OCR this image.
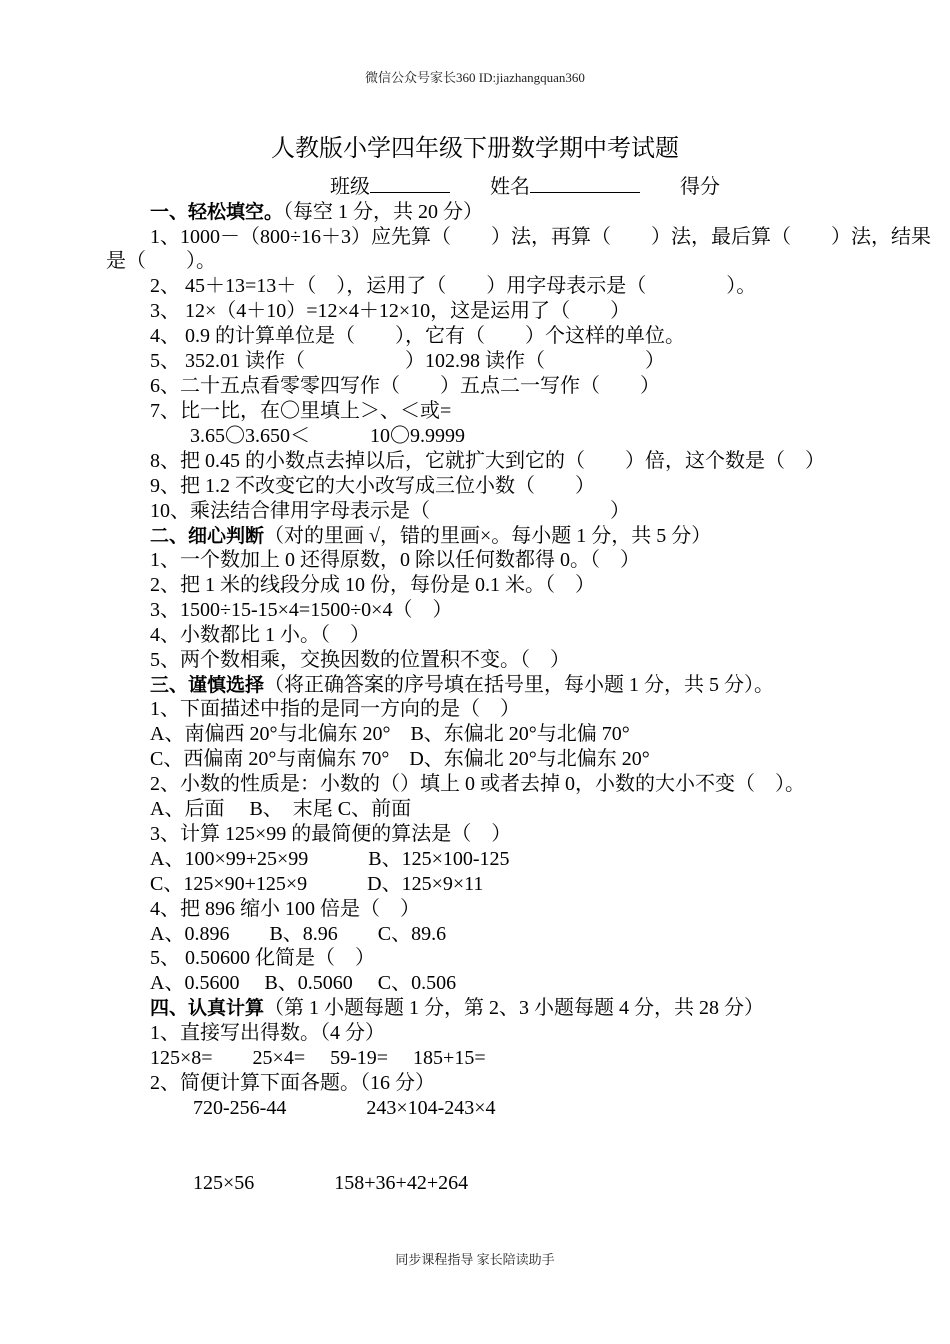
微信公众号家长360 ID:jiazhangquan360
人教版小学四年级下册数学期中考试题
班级　　	姓名　　	得分
一、轻松填空。（每空 1 分，共 20 分）
1、1000－（800÷16＋3）应先算（　　）法，再算（　　）法，最后算（　　）法，结果
是（　　）。
2、 45＋13=13＋（　），运用了（　　）用字母表示是（　　　　）。
3、 12×（4＋10）=12×4＋12×10，这是运用了（　　）
4、 0.9 的计算单位是（　　），它有（　　）个这样的单位。
5、 352.01 读作（　　　　　）102.98 读作（　　　　　）
6、二十五点看零零四写作（　　）五点二一写作（　　）
7、比一比，在〇里填上＞、＜或=
3.65〇3.650＜　　　10〇9.9999
8、把 0.45 的小数点去掉以后，它就扩大到它的（　　）倍，这个数是（　）
9、把 1.2 不改变它的大小改写成三位小数（　　）
10、乘法结合律用字母表示是（　　　　　　　　　）
二、细心判断（对的里画 √，错的里画×。每小题 1 分，共 5 分）
1、一个数加上 0 还得原数，0 除以任何数都得 0。（　）
2、把 1 米的线段分成 10 份，每份是 0.1 米。（　）
3、1500÷15-15×4=1500÷0×4（　）
4、小数都比 1 小。（　）
5、两个数相乘，交换因数的位置积不变。（　）
三、谨慎选择（将正确答案的序号填在括号里，每小题 1 分，共 5 分）。
1、下面描述中指的是同一方向的是（　）
A、南偏西 20°与北偏东 20°　B、东偏北 20°与北偏 70°
C、西偏南 20°与南偏东 70°　D、东偏北 20°与北偏东 20°
2、小数的性质是：小数的（）填上 0 或者去掉 0，小数的大小不变（　）。
A、后面　 B、　末尾 C、前面
3、计算 125×99 的最简便的算法是（　）
A、100×99+25×99　　　B、125×100-125
C、125×90+125×9　　　D、125×9×11
4、把 896 缩小 100 倍是（　）
A、0.896　　B、8.96　　C、89.6
5、 0.50600 化简是（　）
A、0.5600　 B、0.5060　 C、0.506
四、认真计算（第 1 小题每题 1 分，第 2、3 小题每题 4 分，共 28 分）
1、直接写出得数。（4 分）
125×8=　　25×4=　 59-19=　 185+15=
2、简便计算下面各题。（16 分）
720-256-44　　　　243×104-243×4
125×56　　　　158+36+42+264
同步课程指导 家长陪读助手
